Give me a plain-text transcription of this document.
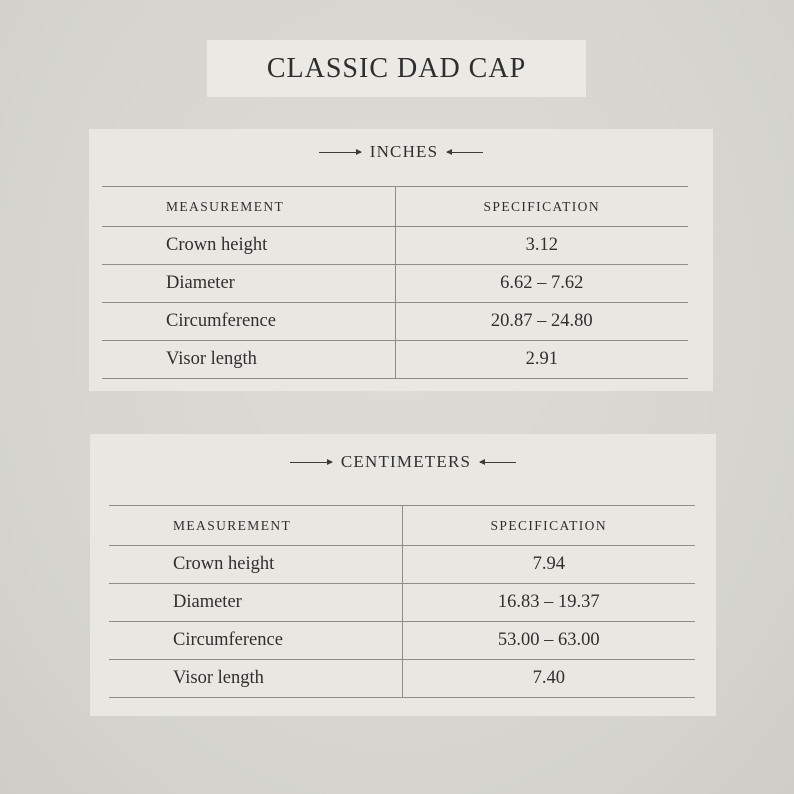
CLASSIC DAD CAP
INCHES
MEASUREMENT	SPECIFICATION
Crown height	3.12
Diameter	6.62 – 7.62
Circumference	20.87 – 24.80
Visor length	2.91
CENTIMETERS
MEASUREMENT	SPECIFICATION
Crown height	7.94
Diameter	16.83 – 19.37
Circumference	53.00 – 63.00
Visor length	7.40
